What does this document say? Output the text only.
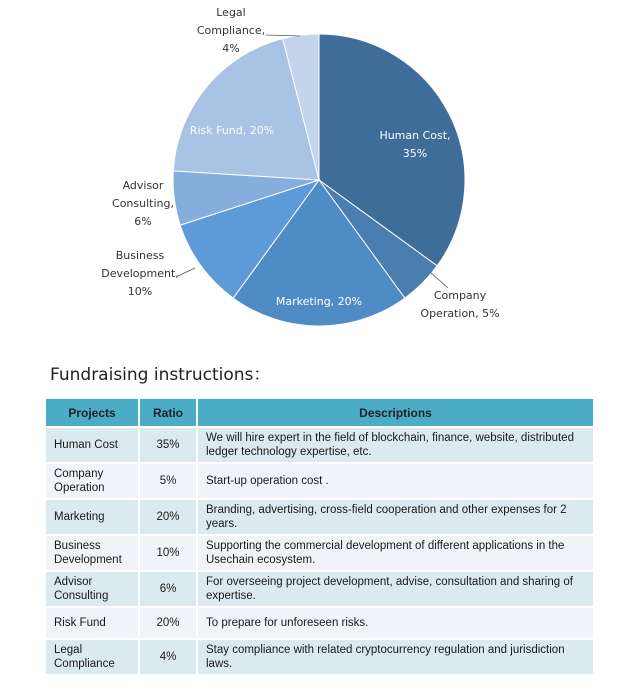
Human Cost,
35%
Company
Operation, 5%
Marketing, 20%
Business
Development,
10%
Advisor
Consulting,
6%
Risk Fund, 20%
Legal
Compliance,
4%
Fundraising instructions：
Projects	Ratio	Descriptions
Human Cost	35%	We will hire expert in the field of blockchain, finance, website, distributed ledger technology expertise, etc.
Company Operation	5%	Start-up operation cost .
Marketing	20%	Branding, advertising, cross-field cooperation and other expenses for 2 years.
Business Development	10%	Supporting the commercial development of different applications in the Usechain ecosystem.
Advisor Consulting	6%	For overseeing project development, advise, consultation and sharing of expertise.
Risk Fund	20%	To prepare for unforeseen risks.
Legal Compliance	4%	Stay compliance with related cryptocurrency regulation and jurisdiction laws.
